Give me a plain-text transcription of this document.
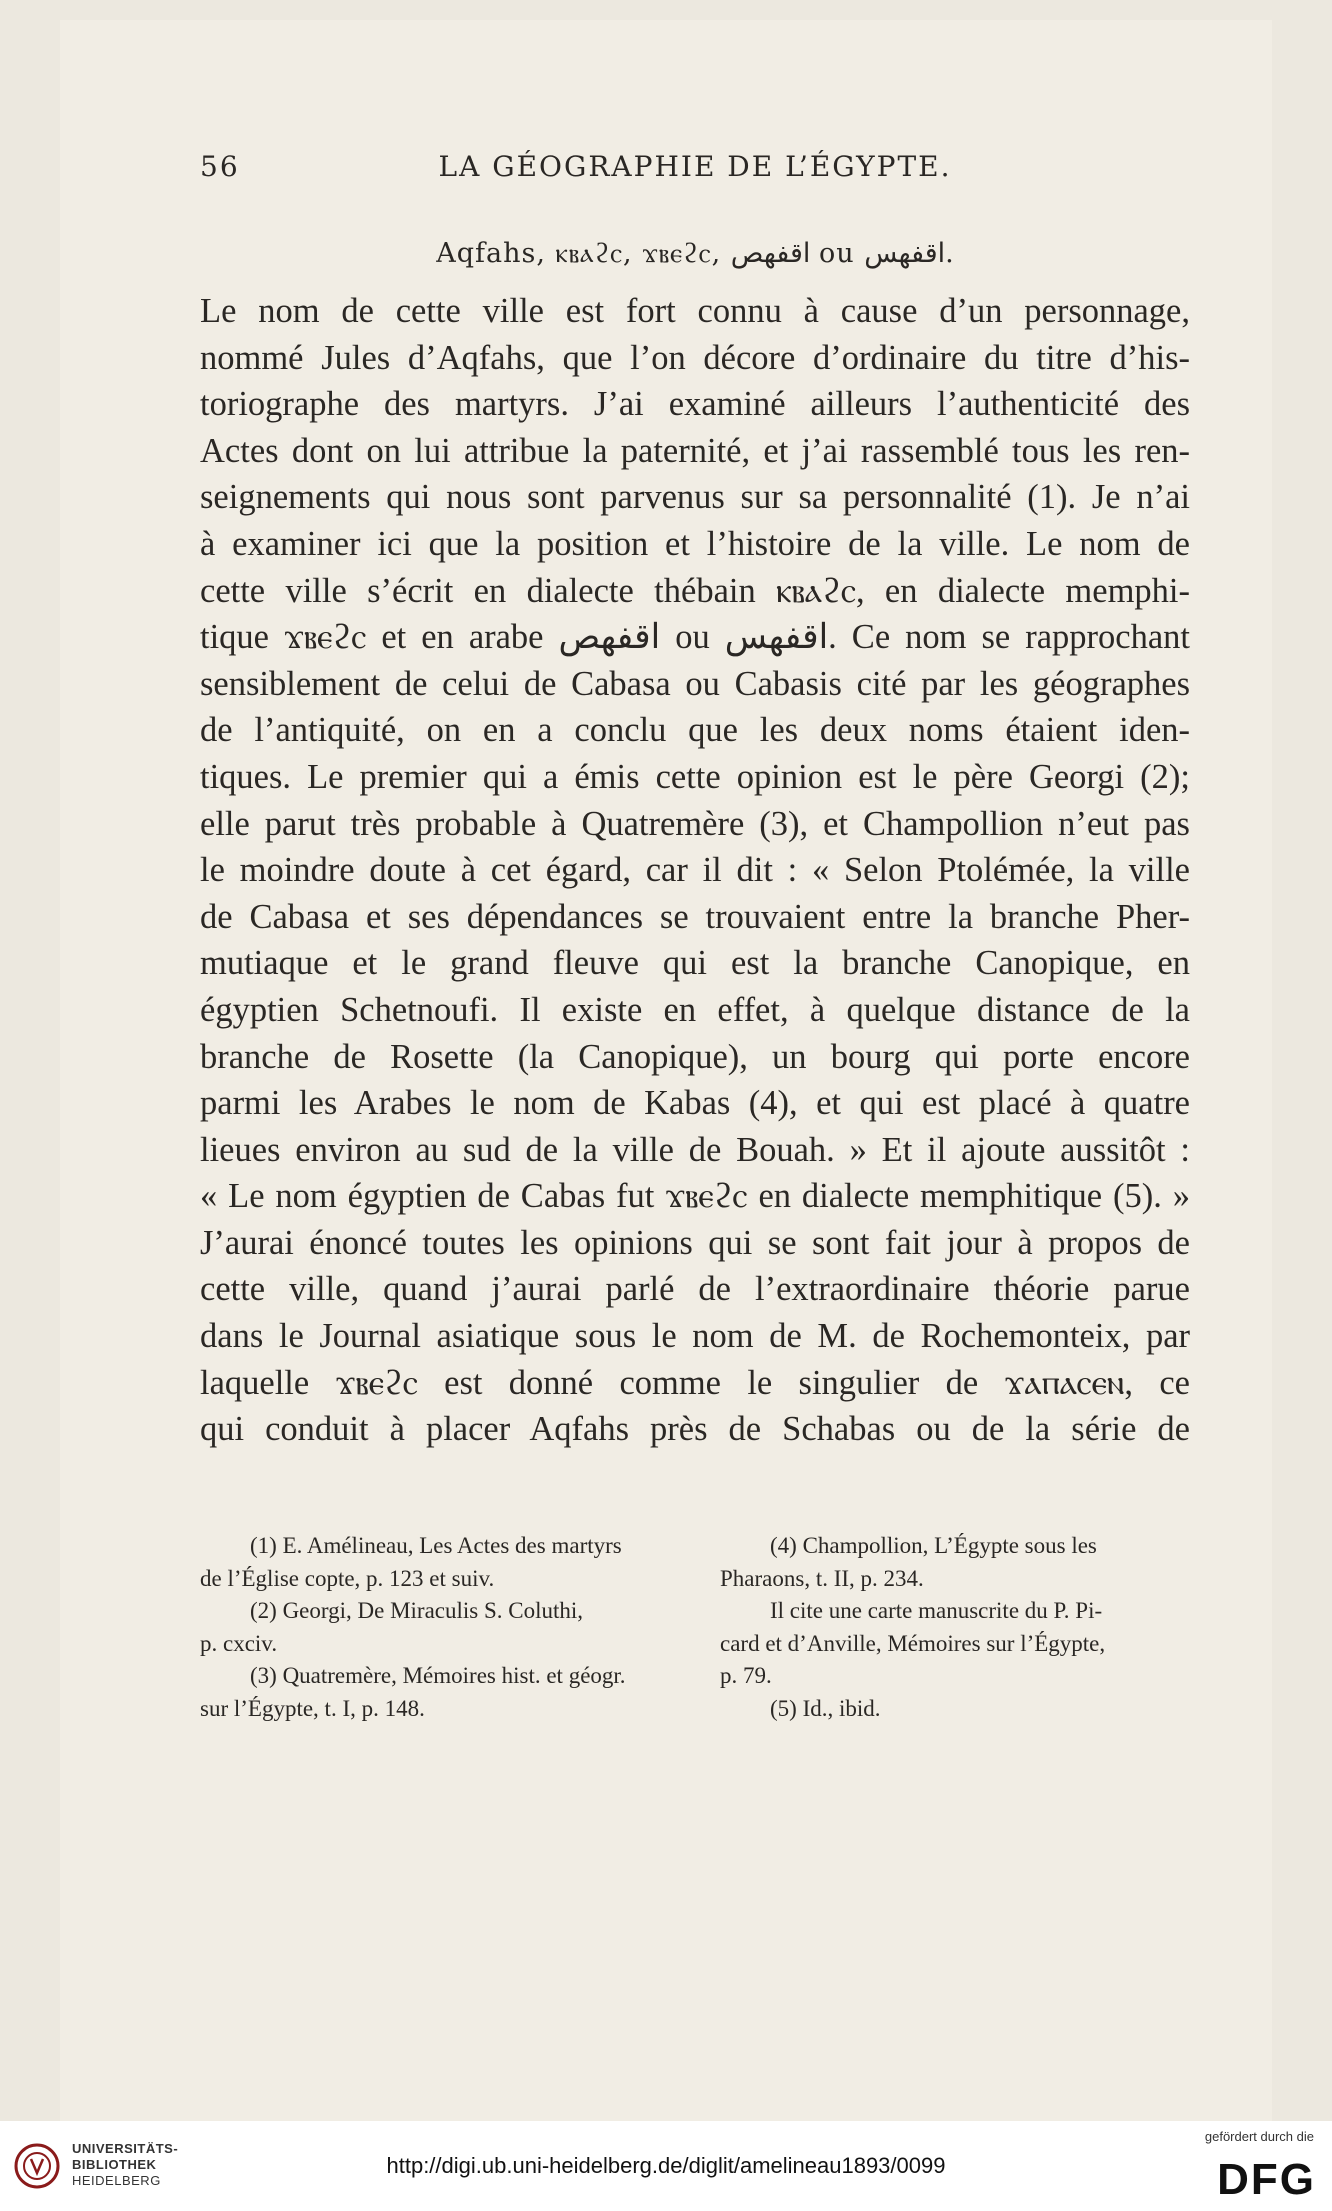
56	LA GÉOGRAPHIE DE L’ÉGYPTE.
Aqfahs, ⲕⲃⲁϩⲥ, ϫⲃⲉϩⲥ, اقفهص ou اقفهس.
Le nom de cette ville est fort connu à cause d’un personnage,
nommé Jules d’Aqfahs, que l’on décore d’ordinaire du titre d’his-
toriographe des martyrs. J’ai examiné ailleurs l’authenticité des
Actes dont on lui attribue la paternité, et j’ai rassemblé tous les ren-
seignements qui nous sont parvenus sur sa personnalité (1). Je n’ai
à examiner ici que la position et l’histoire de la ville. Le nom de
cette ville s’écrit en dialecte thébain ⲕⲃⲁϩⲥ, en dialecte memphi-
tique ϫⲃⲉϩⲥ et en arabe اقفهص ou اقفهس. Ce nom se rapprochant
sensiblement de celui de Cabasa ou Cabasis cité par les géographes
de l’antiquité, on en a conclu que les deux noms étaient iden-
tiques. Le premier qui a émis cette opinion est le père Georgi (2);
elle parut très probable à Quatremère (3), et Champollion n’eut pas
le moindre doute à cet égard, car il dit : « Selon Ptolémée, la ville
de Cabasa et ses dépendances se trouvaient entre la branche Pher-
mutiaque et le grand fleuve qui est la branche Canopique, en
égyptien Schetnoufi. Il existe en effet, à quelque distance de la
branche de Rosette (la Canopique), un bourg qui porte encore
parmi les Arabes le nom de Kabas (4), et qui est placé à quatre
lieues environ au sud de la ville de Bouah. » Et il ajoute aussitôt :
« Le nom égyptien de Cabas fut ϫⲃⲉϩⲥ en dialecte memphitique (5). »
J’aurai énoncé toutes les opinions qui se sont fait jour à propos de
cette ville, quand j’aurai parlé de l’extraordinaire théorie parue
dans le Journal asiatique sous le nom de M. de Rochemonteix, par
laquelle ϫⲃⲉϩⲥ est donné comme le singulier de ϫⲁⲡⲁⲥⲉⲛ, ce
qui conduit à placer Aqfahs près de Schabas ou de la série de
(1) E. Amélineau, Les Actes des martyrs
de l’Église copte, p. 123 et suiv.
(2) Georgi, De Miraculis S. Coluthi,
p. cxciv.
(3) Quatremère, Mémoires hist. et géogr.
sur l’Égypte, t. I, p. 148.
(4) Champollion, L’Égypte sous les
Pharaons, t. II, p. 234.
Il cite une carte manuscrite du P. Pi-
card et d’Anville, Mémoires sur l’Égypte,
p. 79.
(5) Id., ibid.
UNIVERSITÄTS-
BIBLIOTHEK
HEIDELBERG
http://digi.ub.uni-heidelberg.de/diglit/amelineau1893/0099
gefördert durch die
DFG
